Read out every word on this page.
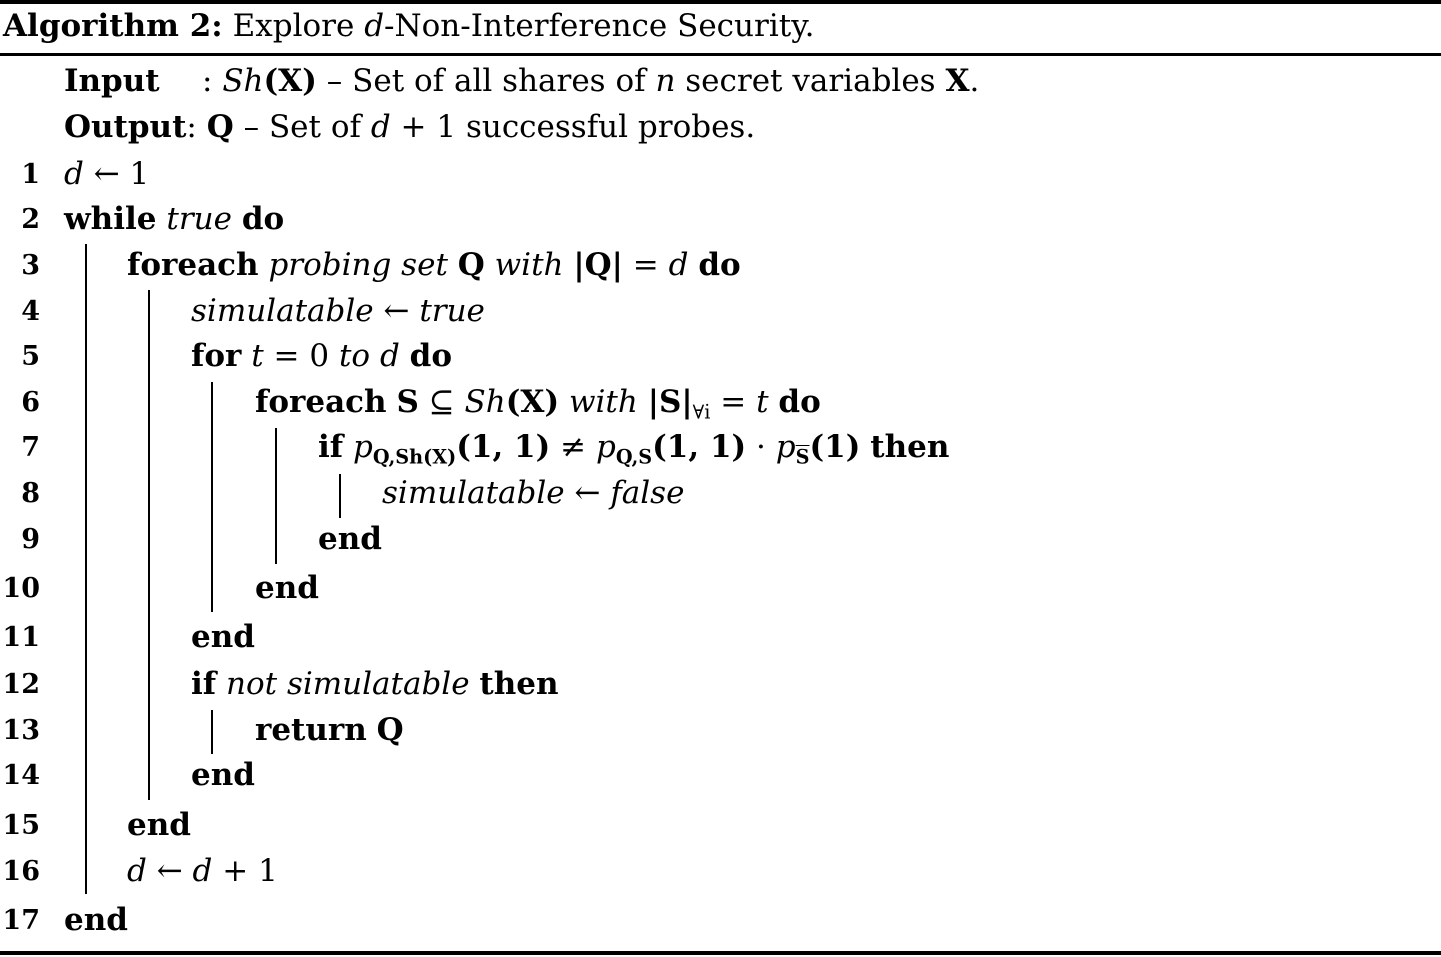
Algorithm 2: Explore d-Non-Interference Security.
Input : Sh(X) – Set of all shares of n secret variables X.
Output: Q – Set of d + 1 successful probes.
1
2
3
4
5
6
7
8
9
10
11
12
13
14
15
16
17
d ← 1
while true do
foreach probing set Q with |Q| = d do
simulatable ← true
for t = 0 to d do
foreach S ⊆ Sh(X) with $|S|_{\forall i} = t$ do
if $p_{Q,Sh(X)}(1$, $1) \ne p_{Q,S}(1$, $1) \cdot p_{\overline{S}}(1)$ then
simulatable ← false
end
end
end
if not simulatable then
return Q
end
end
d ← d + 1
end
